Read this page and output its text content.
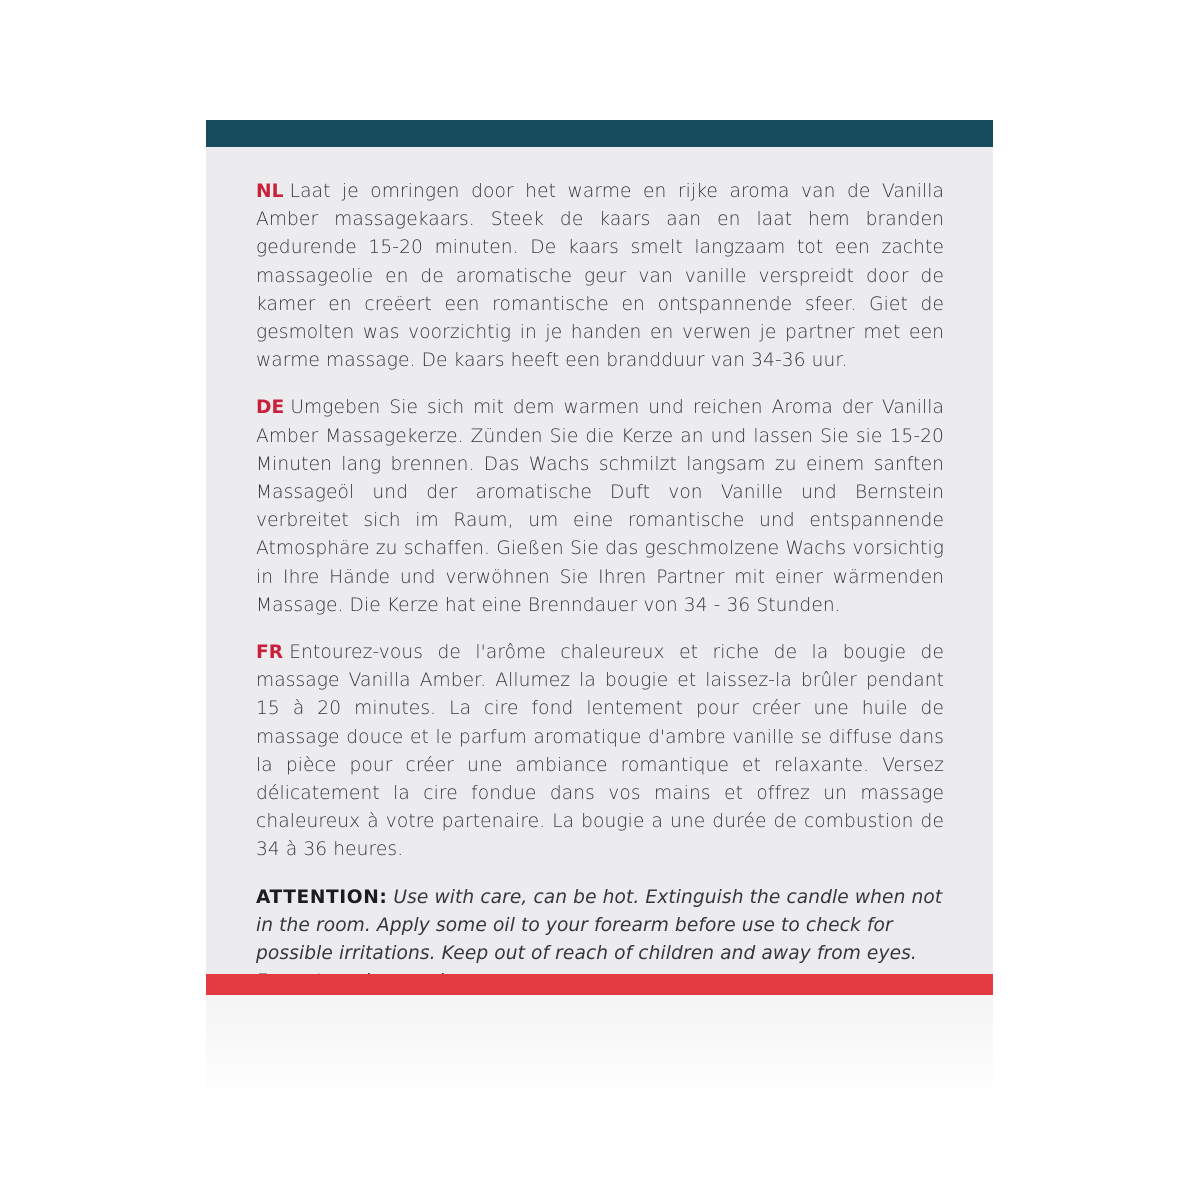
NL Laat je omringen door het warme en rijke aroma van de Vanilla Amber massagekaars. Steek de kaars aan en laat hem branden gedurende 15-20 minuten. De kaars smelt langzaam tot een zachte massageolie en de aromatische geur van vanille verspreidt door de kamer en creëert een romantische en ontspannende sfeer. Giet de gesmolten was voorzichtig in je handen en verwen je partner met een warme massage. De kaars heeft een brandduur van 34-36 uur.

DE Umgeben Sie sich mit dem warmen und reichen Aroma der Vanilla Amber Massagekerze. Zünden Sie die Kerze an und lassen Sie sie 15-20 Minuten lang brennen. Das Wachs schmilzt langsam zu einem sanften Massageöl und der aromatische Duft von Vanille und Bernstein verbreitet sich im Raum, um eine romantische und entspannende Atmosphäre zu schaffen. Gießen Sie das geschmolzene Wachs vorsichtig in Ihre Hände und verwöhnen Sie Ihren Partner mit einer wärmenden Massage. Die Kerze hat eine Brenndauer von 34 - 36 Stunden.

FR Entourez-vous de l'arôme chaleureux et riche de la bougie de massage Vanilla Amber. Allumez la bougie et laissez-la brûler pendant 15 à 20 minutes. La cire fond lentement pour créer une huile de massage douce et le parfum aromatique d'ambre vanille se diffuse dans la pièce pour créer une ambiance romantique et relaxante. Versez délicatement la cire fondue dans vos mains et offrez un massage chaleureux à votre partenaire. La bougie a une durée de combustion de 34 à 36 heures.

ATTENTION: Use with care, can be hot. Extinguish the candle when not in the room. Apply some oil to your forearm before use to check for possible irritations. Keep out of reach of children and away from eyes.
